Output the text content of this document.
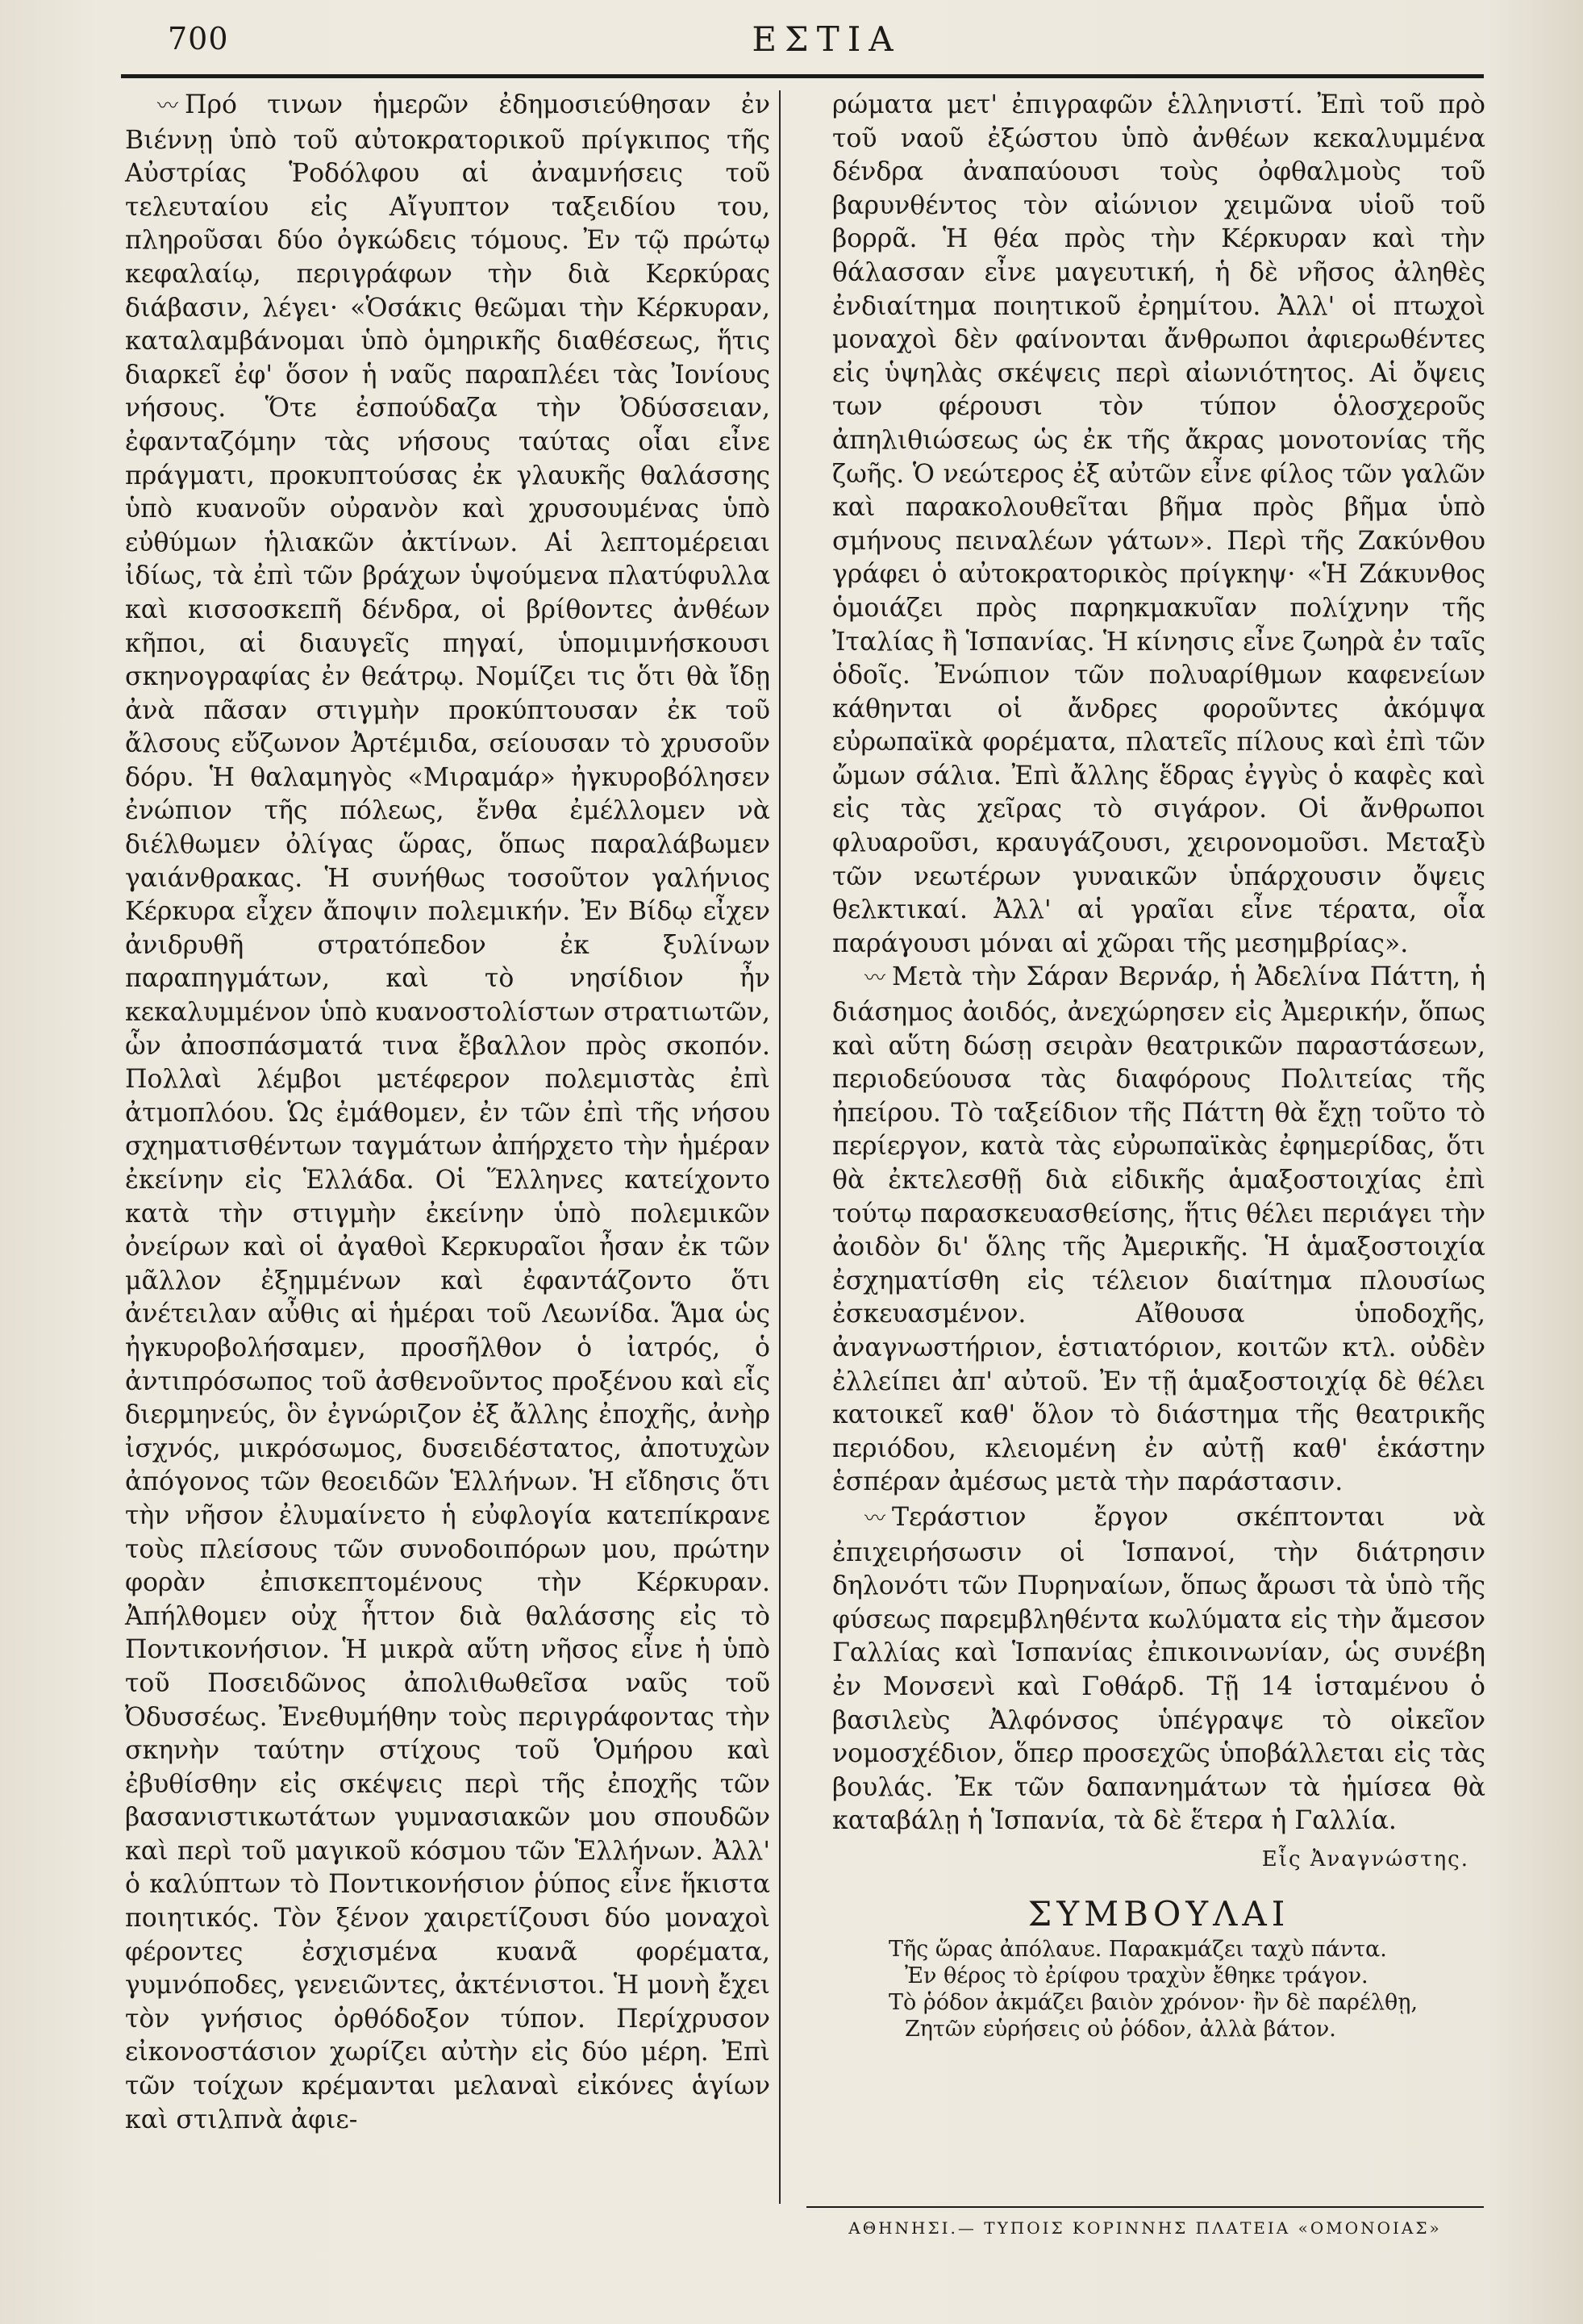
700	ΕΣΤΙΑ

〰 Πρό τινων ἡμερῶν ἐδημοσιεύθησαν ἐν Βιέννῃ ὑπὸ τοῦ αὐτοκρατορικοῦ πρίγκιπος τῆς Αὐστρίας Ῥοδόλφου αἱ ἀναμνήσεις τοῦ τελευταίου εἰς Αἴγυπτον ταξειδίου του, πληροῦσαι δύο ὀγκώδεις τόμους. Ἐν τῷ πρώτῳ κεφαλαίῳ, περιγράφων τὴν διὰ Κερκύρας διάβασιν, λέγει· «Ὁσάκις θεῶμαι τὴν Κέρκυραν, καταλαμβάνομαι ὑπὸ ὁμηρικῆς διαθέσεως, ἥτις διαρκεῖ ἐφ' ὅσον ἡ ναῦς παραπλέει τὰς Ἰονίους νήσους. Ὅτε ἐσπούδαζα τὴν Ὀδύσσειαν, ἐφανταζόμην τὰς νήσους ταύτας οἷαι εἶνε πράγματι, προκυπτούσας ἐκ γλαυκῆς θαλάσσης ὑπὸ κυανοῦν οὐρανὸν καὶ χρυσουμένας ὑπὸ εὐθύμων ἡλιακῶν ἀκτίνων. Αἱ λεπτομέρειαι ἰδίως, τὰ ἐπὶ τῶν βράχων ὑψούμενα πλατύφυλλα καὶ κισσοσκεπῆ δένδρα, οἱ βρίθοντες ἀνθέων κῆποι, αἱ διαυγεῖς πηγαί, ὑπομιμνήσκουσι σκηνογραφίας ἐν θεάτρῳ. Νομίζει τις ὅτι θὰ ἴδῃ ἀνὰ πᾶσαν στιγμὴν προκύπτουσαν ἐκ τοῦ ἄλσους εὔζωνον Ἀρτέμιδα, σείουσαν τὸ χρυσοῦν δόρυ. Ἡ θαλαμηγὸς «Μιραμάρ» ἠγκυροβόλησεν ἐνώπιον τῆς πόλεως, ἔνθα ἐμέλλομεν νὰ διέλθωμεν ὀλίγας ὥρας, ὅπως παραλάβωμεν γαιάνθρακας. Ἡ συνήθως τοσοῦτον γαλήνιος Κέρκυρα εἶχεν ἄποψιν πολεμικήν. Ἐν Βίδῳ εἶχεν ἀνιδρυθῆ στρατόπεδον ἐκ ξυλίνων παραπηγμάτων, καὶ τὸ νησίδιον ἦν κεκαλυμμένον ὑπὸ κυανοστολίστων στρατιωτῶν, ὧν ἀποσπάσματά τινα ἔβαλλον πρὸς σκοπόν. Πολλαὶ λέμβοι μετέφερον πολεμιστὰς ἐπὶ ἀτμοπλόου. Ὡς ἐμάθομεν, ἐν τῶν ἐπὶ τῆς νήσου σχηματισθέντων ταγμάτων ἀπήρχετο τὴν ἡμέραν ἐκείνην εἰς Ἑλλάδα. Οἱ Ἕλληνες κατείχοντο κατὰ τὴν στιγμὴν ἐκείνην ὑπὸ πολεμικῶν ὀνείρων καὶ οἱ ἀγαθοὶ Κερκυραῖοι ἦσαν ἐκ τῶν μᾶλλον ἐξημμένων καὶ ἐφαντάζοντο ὅτι ἀνέτειλαν αὖθις αἱ ἡμέραι τοῦ Λεωνίδα. Ἅμα ὡς ἠγκυροβολήσαμεν, προσῆλθον ὁ ἰατρός, ὁ ἀντιπρόσωπος τοῦ ἀσθενοῦντος προξένου καὶ εἷς διερμηνεύς, ὃν ἐγνώριζον ἐξ ἄλλης ἐποχῆς, ἀνὴρ ἰσχνός, μικρόσωμος, δυσειδέστατος, ἀποτυχὼν ἀπόγονος τῶν θεοειδῶν Ἑλλήνων. Ἡ εἴδησις ὅτι τὴν νῆσον ἐλυμαίνετο ἡ εὐφλογία κατεπίκρανε τοὺς πλείσους τῶν συνοδοιπόρων μου, πρώτην φορὰν ἐπισκεπτομένους τὴν Κέρκυραν. Ἀπήλθομεν οὐχ ἧττον διὰ θαλάσσης εἰς τὸ Ποντικονήσιον. Ἡ μικρὰ αὕτη νῆσος εἶνε ἡ ὑπὸ τοῦ Ποσειδῶνος ἀπολιθωθεῖσα ναῦς τοῦ Ὀδυσσέως. Ἐνεθυμήθην τοὺς περιγράφοντας τὴν σκηνὴν ταύτην στίχους τοῦ Ὁμήρου καὶ ἐβυθίσθην εἰς σκέψεις περὶ τῆς ἐποχῆς τῶν βασανιστικωτάτων γυμνασιακῶν μου σπουδῶν καὶ περὶ τοῦ μαγικοῦ κόσμου τῶν Ἑλλήνων. Ἀλλ' ὁ καλύπτων τὸ Ποντικονήσιον ῥύπος εἶνε ἥκιστα ποιητικός. Τὸν ξένον χαιρετίζουσι δύο μοναχοὶ φέροντες ἐσχισμένα κυανᾶ φορέματα, γυμνόποδες, γενειῶντες, ἀκτένιστοι. Ἡ μονὴ ἔχει τὸν γνήσιος ὀρθόδοξον τύπον. Περίχρυσον εἰκονοστάσιον χωρίζει αὐτὴν εἰς δύο μέρη. Ἐπὶ τῶν τοίχων κρέμανται μελαναὶ εἰκόνες ἁγίων καὶ στιλπνὰ ἀφιε-

ρώματα μετ' ἐπιγραφῶν ἑλληνιστί. Ἐπὶ τοῦ πρὸ τοῦ ναοῦ ἐξώστου ὑπὸ ἀνθέων κεκαλυμμένα δένδρα ἀναπαύουσι τοὺς ὀφθαλμοὺς τοῦ βαρυνθέντος τὸν αἰώνιον χειμῶνα υἱοῦ τοῦ βορρᾶ. Ἡ θέα πρὸς τὴν Κέρκυραν καὶ τὴν θάλασσαν εἶνε μαγευτική, ἡ δὲ νῆσος ἀληθὲς ἐνδιαίτημα ποιητικοῦ ἐρημίτου. Ἀλλ' οἱ πτωχοὶ μοναχοὶ δὲν φαίνονται ἄνθρωποι ἀφιερωθέντες εἰς ὑψηλὰς σκέψεις περὶ αἰωνιότητος. Αἱ ὄψεις των φέρουσι τὸν τύπον ὁλοσχεροῦς ἀπηλιθιώσεως ὡς ἐκ τῆς ἄκρας μονοτονίας τῆς ζωῆς. Ὁ νεώτερος ἐξ αὐτῶν εἶνε φίλος τῶν γαλῶν καὶ παρακολουθεῖται βῆμα πρὸς βῆμα ὑπὸ σμήνους πειναλέων γάτων». Περὶ τῆς Ζακύνθου γράφει ὁ αὐτοκρατορικὸς πρίγκηψ· «Ἡ Ζάκυνθος ὁμοιάζει πρὸς παρηκμακυῖαν πολίχνην τῆς Ἰταλίας ἢ Ἱσπανίας. Ἡ κίνησις εἶνε ζωηρὰ ἐν ταῖς ὁδοῖς. Ἐνώπιον τῶν πολυαρίθμων καφενείων κάθηνται οἱ ἄνδρες φοροῦντες ἀκόμψα εὐρωπαϊκὰ φορέματα, πλατεῖς πίλους καὶ ἐπὶ τῶν ὤμων σάλια. Ἐπὶ ἄλλης ἕδρας ἐγγὺς ὁ καφὲς καὶ εἰς τὰς χεῖρας τὸ σιγάρον. Οἱ ἄνθρωποι φλυαροῦσι, κραυγάζουσι, χειρονομοῦσι. Μεταξὺ τῶν νεωτέρων γυναικῶν ὑπάρχουσιν ὄψεις θελκτικαί. Ἀλλ' αἱ γραῖαι εἶνε τέρατα, οἷα παράγουσι μόναι αἱ χῶραι τῆς μεσημβρίας».

〰 Μετὰ τὴν Σάραν Βερνάρ, ἡ Ἀδελίνα Πάττη, ἡ διάσημος ἀοιδός, ἀνεχώρησεν εἰς Ἀμερικήν, ὅπως καὶ αὕτη δώσῃ σειρὰν θεατρικῶν παραστάσεων, περιοδεύουσα τὰς διαφόρους Πολιτείας τῆς ἠπείρου. Τὸ ταξείδιον τῆς Πάττη θὰ ἔχῃ τοῦτο τὸ περίεργον, κατὰ τὰς εὐρωπαϊκὰς ἐφημερίδας, ὅτι θὰ ἐκτελεσθῇ διὰ εἰδικῆς ἁμαξοστοιχίας ἐπὶ τούτῳ παρασκευασθείσης, ἥτις θέλει περιάγει τὴν ἀοιδὸν δι' ὅλης τῆς Ἀμερικῆς. Ἡ ἁμαξοστοιχία ἐσχηματίσθη εἰς τέλειον διαίτημα πλουσίως ἐσκευασμένον. Αἴθουσα ὑποδοχῆς, ἀναγνωστήριον, ἑστιατόριον, κοιτῶν κτλ. οὐδὲν ἐλλείπει ἀπ' αὐτοῦ. Ἐν τῇ ἁμαξοστοιχίᾳ δὲ θέλει κατοικεῖ καθ' ὅλον τὸ διάστημα τῆς θεατρικῆς περιόδου, κλειομένη ἐν αὐτῇ καθ' ἑκάστην ἑσπέραν ἀμέσως μετὰ τὴν παράστασιν.

〰 Τεράστιον ἔργον σκέπτονται νὰ ἐπιχειρήσωσιν οἱ Ἱσπανοί, τὴν διάτρησιν δηλονότι τῶν Πυρηναίων, ὅπως ἄρωσι τὰ ὑπὸ τῆς φύσεως παρεμβληθέντα κωλύματα εἰς τὴν ἄμεσον Γαλλίας καὶ Ἱσπανίας ἐπικοινωνίαν, ὡς συνέβη ἐν Μονσενὶ καὶ Γοθάρδ. Τῇ 14 ἱσταμένου ὁ βασιλεὺς Ἀλφόνσος ὑπέγραψε τὸ οἰκεῖον νομοσχέδιον, ὅπερ προσεχῶς ὑποβάλλεται εἰς τὰς βουλάς. Ἐκ τῶν δαπανημάτων τὰ ἡμίσεα θὰ καταβάλῃ ἡ Ἱσπανία, τὰ δὲ ἕτερα ἡ Γαλλία.

Εἷς Ἀναγνώστης.
ΣΥΜΒΟΥΛΑΙ
Τῆς ὥρας ἀπόλαυε. Παρακμάζει ταχὺ πάντα.
Ἐν θέρος τὸ ἐρίφου τραχὺν ἔθηκε τράγον.
Τὸ ῥόδον ἀκμάζει βαιὸν χρόνον· ἢν δὲ παρέλθῃ,
Ζητῶν εὑρήσεις οὐ ῥόδον, ἀλλὰ βάτον.
ΑΘΗΝΗΣΙ.— ΤΥΠΟΙΣ ΚΟΡΙΝΝΗΣ ΠΛΑΤΕΙΑ «ΟΜΟΝΟΙΑΣ»
